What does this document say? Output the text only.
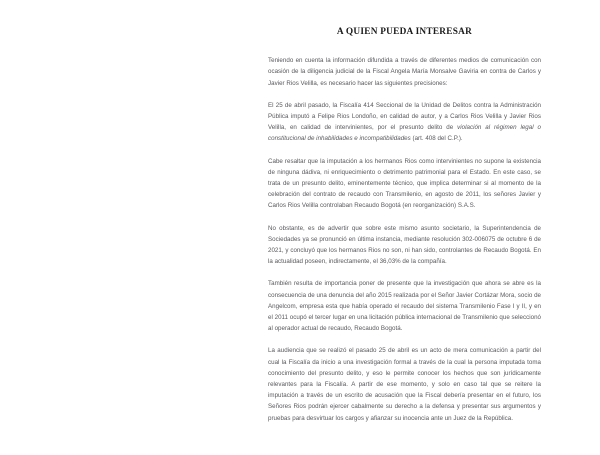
A QUIEN PUEDA INTERESAR

Teniendo en cuenta la información difundida a través de diferentes medios de comunicación con ocasión de la diligencia judicial de la Fiscal Angela María Monsalve Gaviria en contra de Carlos y Javier Rios Velilla, es necesario hacer las siguientes precisiones:

El 25 de abril pasado, la Fiscalía 414 Seccional de la Unidad de Delitos contra la Administración Pública imputó a Felipe Rios Londoño, en calidad de autor, y a Carlos Rios Velilla y Javier Rios Velilla, en calidad de intervinientes, por el presunto delito de violación al régimen legal o constitucional de inhabilidades e incompatibilidades (art. 408 del C.P.).

Cabe resaltar que la imputación a los hermanos Rios como intervinientes no supone la existencia de ninguna dádiva, ni enriquecimiento o detrimento patrimonial para el Estado. En este caso, se trata de un presunto delito, eminentemente técnico, que implica determinar si al momento de la celebración del contrato de recaudo con Transmilenio, en agosto de 2011, los señores Javier y Carlos Rios Velilla controlaban Recaudo Bogotá (en reorganización) S.A.S.

No obstante, es de advertir que sobre este mismo asunto societario, la Superintendencia de Sociedades ya se pronunció en última instancia, mediante resolución 302-006075 de octubre 6 de 2021, y concluyó que los hermanos Rios no son, ni han sido, controlantes de Recaudo Bogotá. En la actualidad poseen, indirectamente, el 36,03% de la compañía.

También resulta de importancia poner de presente que la investigación que ahora se abre es la consecuencia de una denuncia del año 2015 realizada por el Señor Javier Cortázar Mora, socio de Angelcom, empresa esta que había operado el recaudo del sistema Transmilenio Fase I y II, y en el 2011 ocupó el tercer lugar en una licitación pública internacional de Transmilenio que seleccionó al operador actual de recaudo, Recaudo Bogotá.

La audiencia que se realizó el pasado 25 de abril es un acto de mera comunicación a partir del cual la Fiscalía da inicio a una investigación formal a través de la cual la persona imputada toma conocimiento del presunto delito, y eso le permite conocer los hechos que son jurídicamente relevantes para la Fiscalía. A partir de ese momento, y solo en caso tal que se reitere la imputación a través de un escrito de acusación que la Fiscal debería presentar en el futuro, los Señores Rios podrán ejercer cabalmente su derecho a la defensa y presentar sus argumentos y pruebas para desvirtuar los cargos y afianzar su inocencia ante un Juez de la República.
